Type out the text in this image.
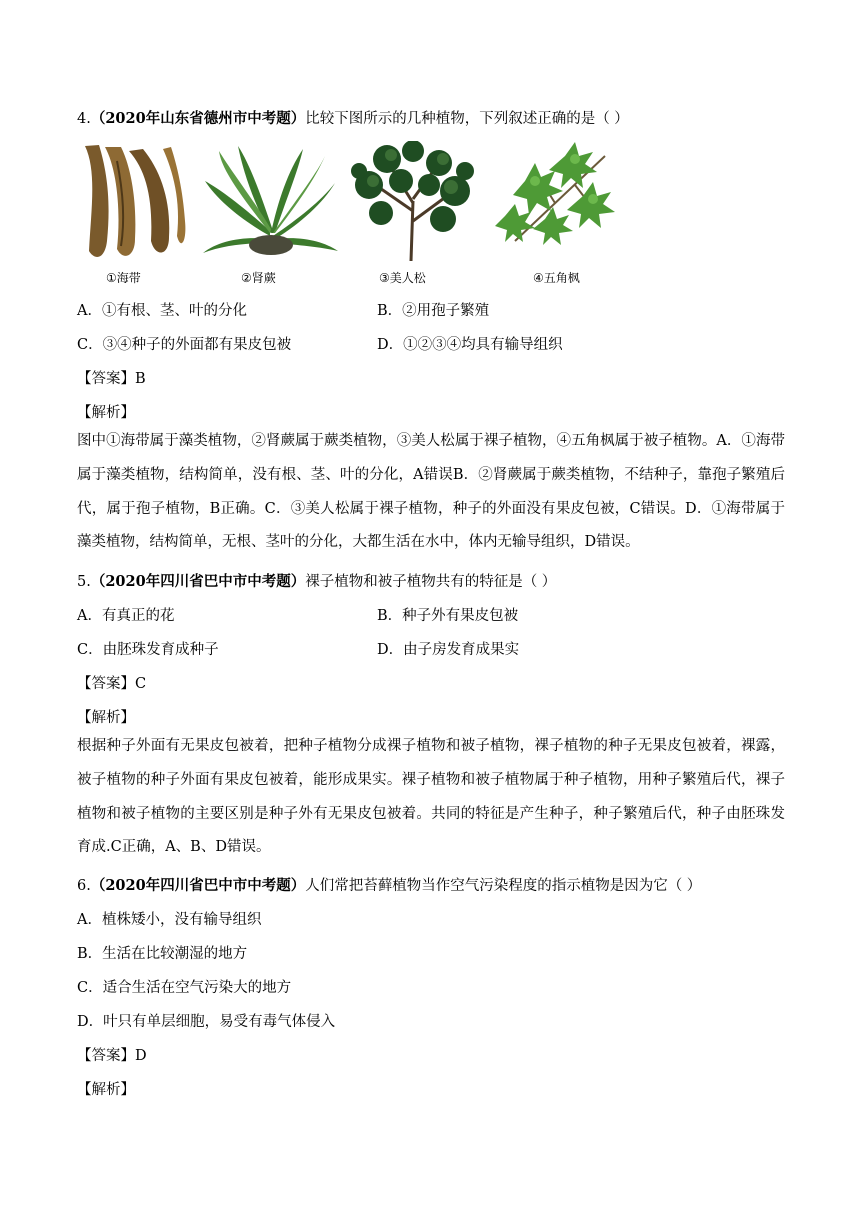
4.（2020年山东省德州市中考题）比较下图所示的几种植物，下列叙述正确的是（ ）
①海带	②肾蕨	③美人松	④五角枫
A．①有根、茎、叶的分化	B．②用孢子繁殖
C．③④种子的外面都有果皮包被	D．①②③④均具有输导组织
【答案】B
【解析】
图中①海带属于藻类植物，②肾蕨属于蕨类植物，③美人松属于裸子植物，④五角枫属于被子植物。A．①海带属于藻类植物，结构简单，没有根、茎、叶的分化，A错误B．②肾蕨属于蕨类植物，不结种子，靠孢子繁殖后代，属于孢子植物，B正确。C．③美人松属于裸子植物，种子的外面没有果皮包被，C错误。D．①海带属于藻类植物，结构简单，无根、茎叶的分化，大都生活在水中，体内无输导组织，D错误。
5.（2020年四川省巴中市中考题）裸子植物和被子植物共有的特征是（ ）
A．有真正的花	B．种子外有果皮包被
C．由胚珠发育成种子	D．由子房发育成果实
【答案】C
【解析】
根据种子外面有无果皮包被着，把种子植物分成裸子植物和被子植物，裸子植物的种子无果皮包被着，裸露，被子植物的种子外面有果皮包被着，能形成果实。裸子植物和被子植物属于种子植物，用种子繁殖后代，裸子植物和被子植物的主要区别是种子外有无果皮包被着。共同的特征是产生种子，种子繁殖后代，种子由胚珠发育成.C正确，A、B、D错误。
6.（2020年四川省巴中市中考题）人们常把苔藓植物当作空气污染程度的指示植物是因为它（ ）
A．植株矮小，没有输导组织
B．生活在比较潮湿的地方
C．适合生活在空气污染大的地方
D．叶只有单层细胞，易受有毒气体侵入
【答案】D
【解析】
